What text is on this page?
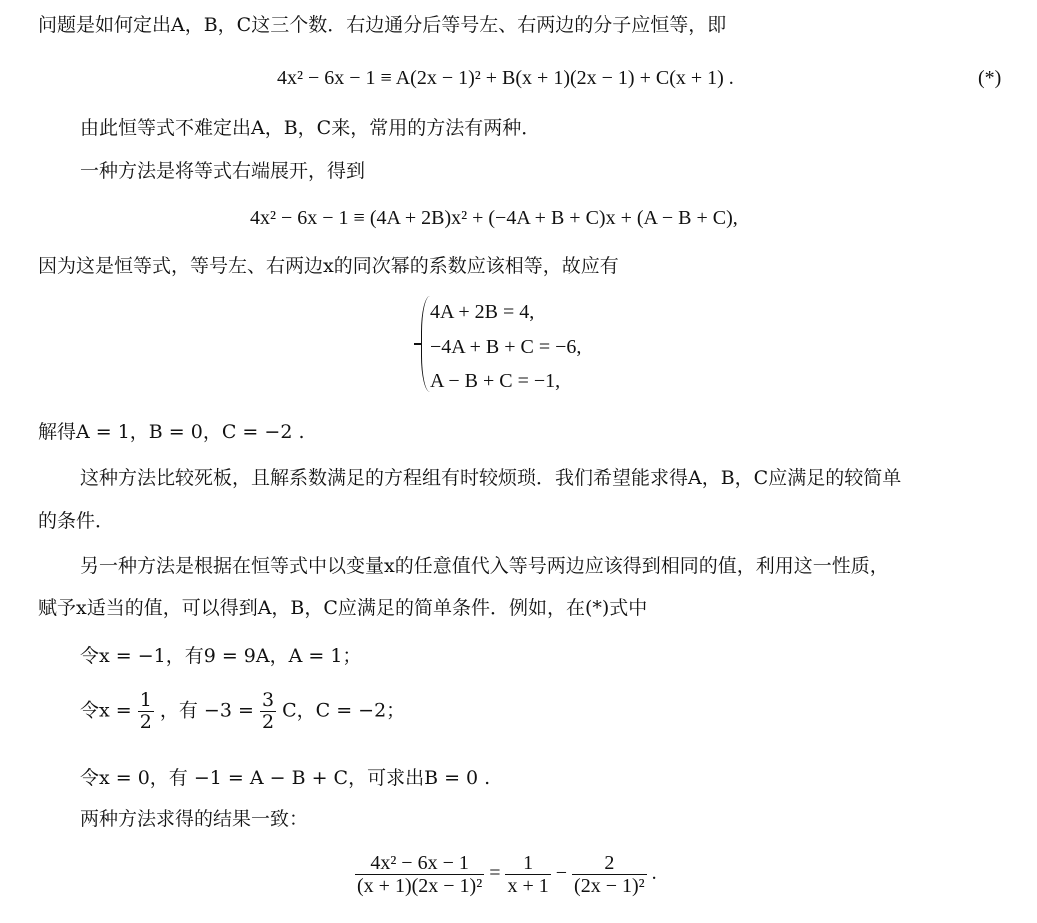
问题是如何定出A，B，C这三个数．右边通分后等号左、右两边的分子应恒等，即
4x² − 6x − 1 ≡ A(2x − 1)² + B(x + 1)(2x − 1) + C(x + 1) .	(*)
由此恒等式不难定出A，B，C来，常用的方法有两种．
一种方法是将等式右端展开，得到
4x² − 6x − 1 ≡ (4A + 2B)x² + (−4A + B + C)x + (A − B + C),
因为这是恒等式，等号左、右两边x的同次幂的系数应该相等，故应有
4A + 2B = 4,
−4A + B + C = −6,
A − B + C = −1,
解得A = 1，B = 0，C = −2 .
这种方法比较死板，且解系数满足的方程组有时较烦琐．我们希望能求得A，B，C应满足的较简单
的条件．
另一种方法是根据在恒等式中以变量x的任意值代入等号两边应该得到相同的值，利用这一性质，
赋予x适当的值，可以得到A，B，C应满足的简单条件．例如，在(*)式中
令x = −1，有9 = 9A，A = 1；
令$x = \frac{1}{2}$ ，有 $-3 = \frac{3}{2}$ C，C = −2；
令x = 0，有 −1 = A − B + C，可求出B = 0 .
两种方法求得的结果一致：
$\frac{\text{4x² − 6x − 1}}{\text{(x + 1)(2x − 1)²}} = \frac{1}{x + 1} - \frac{2}{\text{(2x − 1)²}}$ .
